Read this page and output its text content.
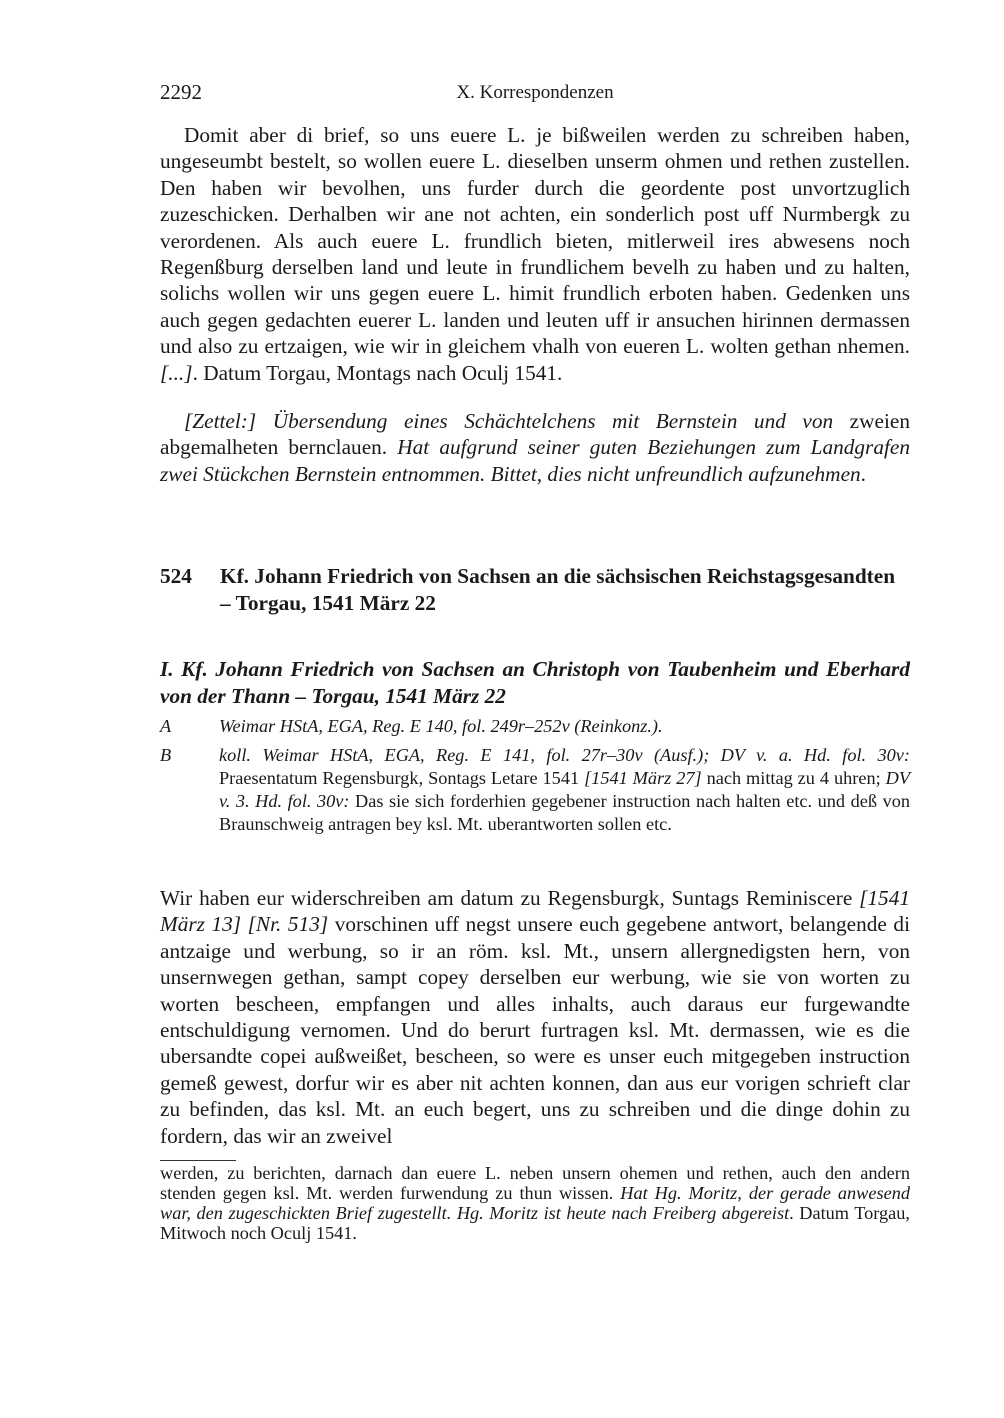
2292	X. Korrespondenzen

Domit aber di brief, so uns euere L. je bißweilen werden zu schreiben haben, ungeseumbt bestelt, so wollen euere L. dieselben unserm ohmen und rethen zustellen. Den haben wir bevolhen, uns furder durch die geordente post unvortzuglich zuzeschicken. Derhalben wir ane not achten, ein sonderlich post uff Nurmbergk zu verordenen. Als auch euere L. frundlich bieten, mitlerweil ires abwesens noch Regenßburg derselben land und leute in frundlichem bevelh zu haben und zu halten, solichs wollen wir uns gegen euere L. himit frundlich erboten haben. Gedenken uns auch gegen gedachten euerer L. landen und leuten uff ir ansuchen hirinnen dermassen und also zu ertzaigen, wie wir in gleichem vhalh von eueren L. wolten gethan nhemen. [...]. Datum Torgau, Montags nach Oculj 1541.

[Zettel:] Übersendung eines Schächtelchens mit Bernstein und von zweien abgemalheten bernclauen. Hat aufgrund seiner guten Beziehungen zum Landgrafen zwei Stückchen Bernstein entnommen. Bittet, dies nicht unfreundlich aufzunehmen.

524 Kf. Johann Friedrich von Sachsen an die sächsischen Reichstagsgesandten – Torgau, 1541 März 22

I. Kf. Johann Friedrich von Sachsen an Christoph von Taubenheim und Eberhard von der Thann – Torgau, 1541 März 22

A	Weimar HStA, EGA, Reg. E 140, fol. 249r–252v (Reinkonz.).
B	koll. Weimar HStA, EGA, Reg. E 141, fol. 27r–30v (Ausf.); DV v. a. Hd. fol. 30v: Praesentatum Regensburgk, Sontags Letare 1541 [1541 März 27] nach mittag zu 4 uhren; DV v. 3. Hd. fol. 30v: Das sie sich forderhien gegebener instruction nach halten etc. und deß von Braunschweig antragen bey ksl. Mt. uberantworten sollen etc.

Wir haben eur widerschreiben am datum zu Regensburgk, Suntags Reminiscere [1541 März 13] [Nr. 513] vorschinen uff negst unsere euch gegebene antwort, belangende di antzaige und werbung, so ir an röm. ksl. Mt., unsern allergnedigsten hern, von unsernwegen gethan, sampt copey derselben eur werbung, wie sie von worten zu worten bescheen, empfangen und alles inhalts, auch daraus eur furgewandte entschuldigung vernomen. Und do berurt furtragen ksl. Mt. dermassen, wie es die ubersandte copei außweißet, bescheen, so were es unser euch mitgegeben instruction gemeß gewest, dorfur wir es aber nit achten konnen, dan aus eur vorigen schrieft clar zu befinden, das ksl. Mt. an euch begert, uns zu schreiben und die dinge dohin zu fordern, das wir an zweivel

werden, zu berichten, darnach dan euere L. neben unsern ohemen und rethen, auch den andern stenden gegen ksl. Mt. werden furwendung zu thun wissen. Hat Hg. Moritz, der gerade anwesend war, den zugeschickten Brief zugestellt. Hg. Moritz ist heute nach Freiberg abgereist. Datum Torgau, Mitwoch noch Oculj 1541.
